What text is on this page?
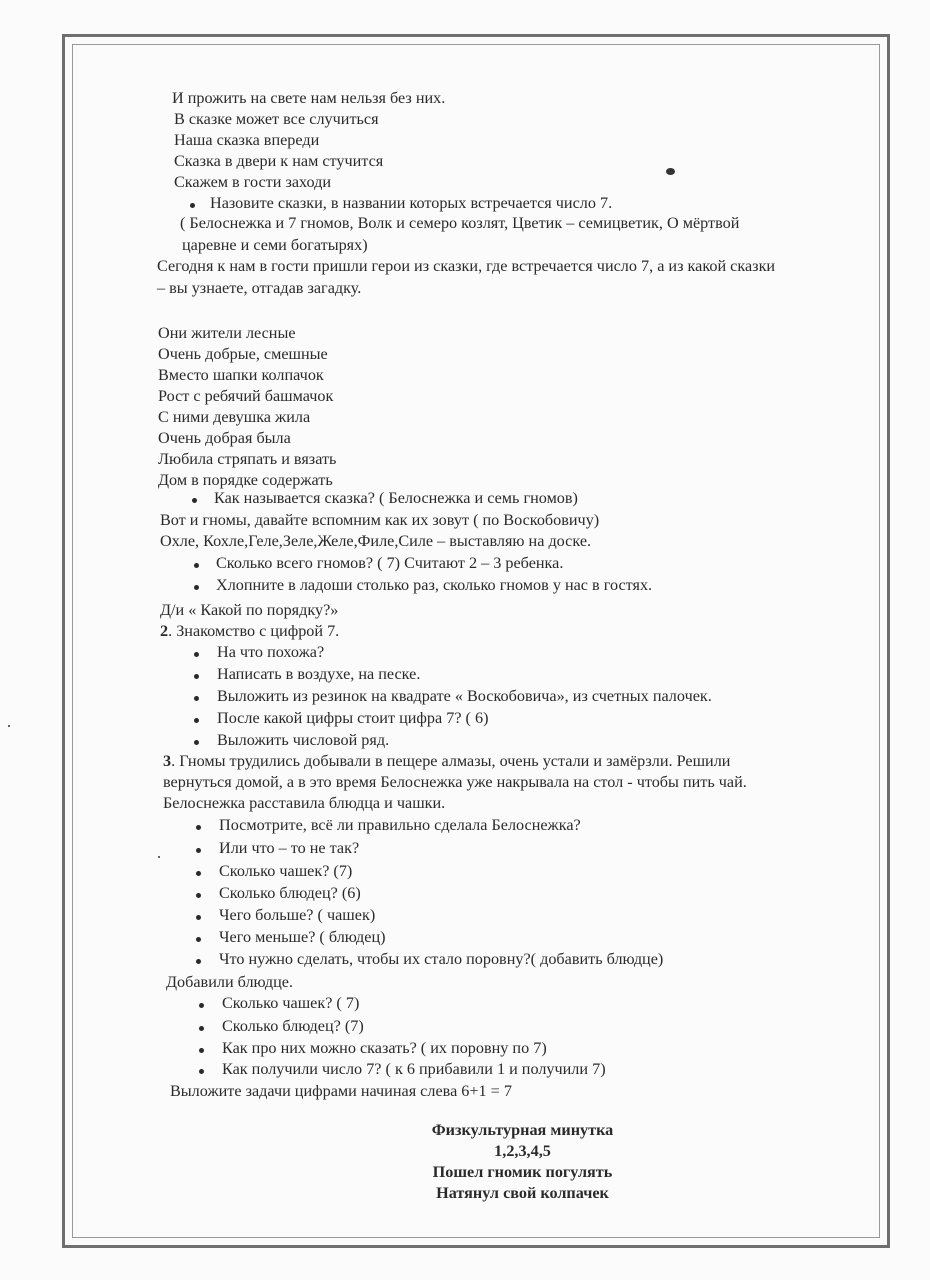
И прожить на свете нам нельзя без них.
В сказке может все случиться
Наша сказка впереди
Сказка в двери к нам стучится
Скажем в гости заходи
Назовите сказки, в названии которых встречается число 7.
( Белоснежка и 7 гномов, Волк и семеро козлят, Цветик – семицветик, О мёртвой
царевне и семи богатырях)
Сегодня к нам в гости пришли герои из сказки, где встречается число 7, а из какой сказки
– вы узнаете, отгадав загадку.
Они жители лесные
Очень добрые, смешные
Вместо шапки колпачок
Рост с ребячий башмачок
С ними девушка жила
Очень добрая была
Любила стряпать и вязать
Дом в порядке содержать
Как называется сказка? ( Белоснежка и семь гномов)
Вот и гномы, давайте вспомним как их зовут ( по Воскобовичу)
Охле, Кохле,Геле,Зеле,Желе,Филе,Силе – выставляю на доске.
Сколько всего гномов? ( 7) Считают 2 – 3 ребенка.
Хлопните в ладоши столько раз, сколько гномов у нас в гостях.
Д/и « Какой по порядку?»
2. Знакомство с цифрой 7.
На что похожа?
Написать в воздухе, на песке.
Выложить из резинок на квадрате « Воскобовича», из счетных палочек.
После какой цифры стоит цифра 7? ( 6)
Выложить числовой ряд.
3. Гномы трудились добывали в пещере алмазы, очень устали и замёрзли. Решили
вернуться домой, а в это время Белоснежка уже накрывала на стол - чтобы пить чай.
Белоснежка расставила блюдца и чашки.
Посмотрите, всё ли правильно сделала Белоснежка?
Или что – то не так?
Сколько чашек? (7)
Сколько блюдец? (6)
Чего больше? ( чашек)
Чего меньше? ( блюдец)
Что нужно сделать, чтобы их стало поровну?( добавить блюдце)
Добавили блюдце.
Сколько чашек? ( 7)
Сколько блюдец? (7)
Как про них можно сказать? ( их поровну по 7)
Как получили число 7? ( к 6 прибавили 1 и получили 7)
Выложите задачи цифрами начиная слева 6+1 = 7
Физкультурная минутка
1,2,3,4,5
Пошел гномик погулять
Натянул свой колпачек
